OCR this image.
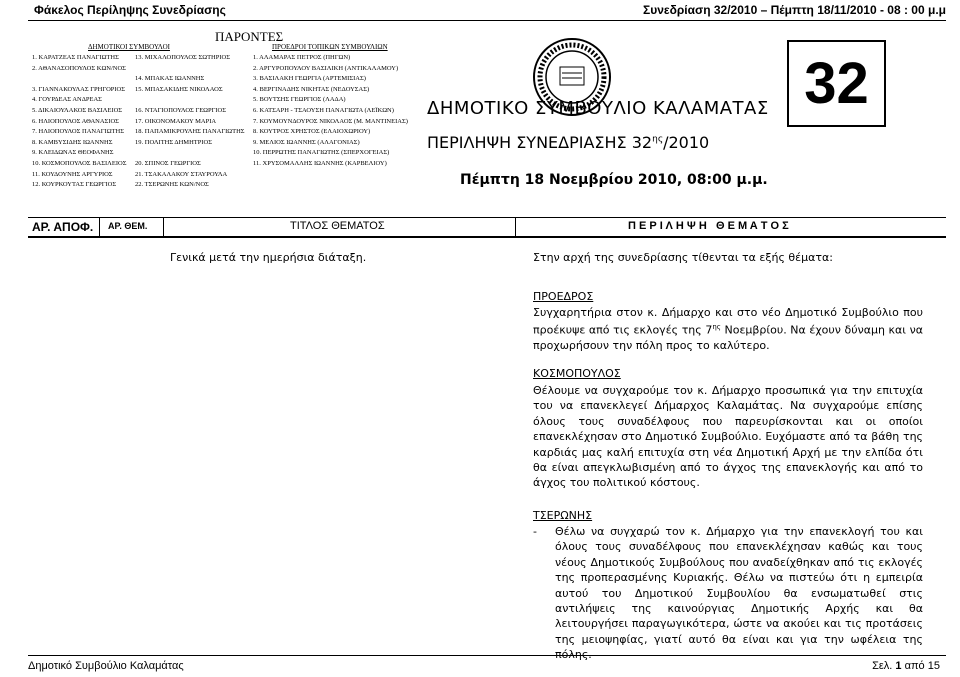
Φάκελος Περίληψης Συνεδρίασης	Συνεδρίαση 32/2010 – Πέμπτη 18/11/2010 - 08 : 00 μ.μ
ΠΑΡΟΝΤΕΣ
ΔΗΜΟΤΙΚΟΙ ΣΥΜΒΟΥΛΟΙ	ΠΡΟΕΔΡΟΙ ΤΟΠΙΚΩΝ ΣΥΜΒΟΥΛΙΩΝ
1. ΚΑΡΑΤΖΕΑΣ ΠΑΝΑΓΙΩΤΗΣ
2. ΑΘΑΝΑΣΟΠΟΥΛΟΣ ΚΩΝ/ΝΟΣ
3. ΓΙΑΝΝΑΚΟΥΛΑΣ ΓΡΗΓΟΡΙΟΣ
4. ΓΟΥΡΔΕΑΣ ΑΝΔΡΕΑΣ
5. ΔΙΚΑΙΟΥΛΑΚΟΣ ΒΑΣΙΛΕΙΟΣ
6. ΗΛΙΟΠΟΥΛΟΣ ΑΘΑΝΑΣΙΟΣ
7. ΗΛΙΟΠΟΥΛΟΣ ΠΑΝΑΓΙΩΤΗΣ
8. ΚΑΜΒΥΣΙΔΗΣ ΙΩΑΝΝΗΣ
9. ΚΛΕΙΔΩΝΑΣ ΘΕΟΦΑΝΗΣ
10. ΚΟΣΜΟΠΟΥΛΟΣ ΒΑΣΙΛΕΙΟΣ
11. ΚΟΥΔΟΥΝΗΣ ΑΡΓΥΡΙΟΣ
12. ΚΟΥΡΚΟΥΤΑΣ ΓΕΩΡΓΙΟΣ
13. ΜΙΧΑΛΟΠΟΥΛΟΣ ΣΩΤΗΡΙΟΣ
14. ΜΠΑΚΑΣ ΙΩΑΝΝΗΣ
15. ΜΠΑΣΑΚΙΔΗΣ ΝΙΚΟΛΑΟΣ
16. ΝΤΑΓΙΟΠΟΥΛΟΣ ΓΕΩΡΓΙΟΣ
17. ΟΙΚΟΝΟΜΑΚΟΥ ΜΑΡΙΑ
18. ΠΑΠΑΜΙΚΡΟΥΛΗΣ ΠΑΝΑΓΙΩΤΗΣ
19. ΠΟΛΙΤΗΣ ΔΗΜΗΤΡΙΟΣ
20. ΣΠΙΝΟΣ ΓΕΩΡΓΙΟΣ
21. ΤΣΑΚΑΛΑΚΟΥ ΣΤΑΥΡΟΥΛΑ
22. ΤΣΕΡΩΝΗΣ ΚΩΝ/ΝΟΣ
1. ΑΛΑΜΑΡΑΣ ΠΕΤΡΟΣ (ΠΗΓΩΝ)
2. ΑΡΓΥΡΟΠΟΥΛΟΥ ΒΑΣΙΛΙΚΗ (ΑΝΤΙΚΑΛΑΜΟΥ)
3. ΒΑΣΙΛΑΚΗ ΓΕΩΡΓΙΑ (ΑΡΤΕΜΙΣΙΑΣ)
4. ΒΕΡΓΙΝΑΔΗΣ ΝΙΚΗΤΑΣ (ΝΕΔΟΥΣΑΣ)
5. ΒΟΥΤΣΗΣ ΓΕΩΡΓΙΟΣ (ΛΑΔΑ)
6. ΚΑΤΣΑΡΗ - ΤΣΑΟΥΣΗ ΠΑΝΑΓΙΩΤΑ (ΛΕΪΚΩΝ)
7. ΚΟΥΜΟΥΝΔΟΥΡΟΣ ΝΙΚΟΛΑΟΣ (Μ. ΜΑΝΤΙΝΕΙΑΣ)
8. ΚΟΥΤΡΟΣ ΧΡΗΣΤΟΣ (ΕΛΑΙΟΧΩΡΙΟΥ)
9. ΜΕΛΙΟΣ ΙΩΑΝΝΗΣ (ΑΛΑΓΟΝΙΑΣ)
10. ΠΕΡΡΩΤΗΣ ΠΑΝΑΓΙΩΤΗΣ (ΣΠΕΡΧΟΓΕΙΑΣ)
11. ΧΡΥΣΟΜΑΛΛΗΣ ΙΩΑΝΝΗΣ (ΚΑΡΒΕΛΙΟΥ)
ΔΗΜΟΤΙΚΟ ΣΥΜΒΟΥΛΙΟ ΚΑΛΑΜΑΤΑΣ
ΠΕΡΙΛΗΨΗ ΣΥΝΕΔΡΙΑΣΗΣ $32^{\eta\varsigma}/2010$
Πέμπτη 18 Νοεμβρίου 2010, 08:00 μ.μ.
32
ΑΡ. ΑΠΟΦ. ΑΡ. ΘΕΜ.	ΤΙΤΛΟΣ ΘΕΜΑΤΟΣ	Π Ε Ρ Ι Λ Η Ψ Η   Θ Ε Μ Α Τ Ο Σ
Γενικά μετά την ημερήσια διάταξη.	Στην αρχή της συνεδρίασης τίθενται τα εξής θέματα:
ΠΡΟΕΔΡΟΣ
Συγχαρητήρια στον κ. Δήμαρχο και στο νέο Δημοτικό Συμβούλιο που προέκυψε από τις εκλογές της $7^{\eta\varsigma}$ Νοεμβρίου. Να έχουν δύναμη και να προχωρήσουν την πόλη προς το καλύτερο.
ΚΟΣΜΟΠΟΥΛΟΣ
Θέλουμε να συγχαρούμε τον κ. Δήμαρχο προσωπικά για την επιτυχία του να επανεκλεγεί Δήμαρχος Καλαμάτας. Να συγχαρούμε επίσης όλους τους συναδέλφους που παρευρίσκονται και οι οποίοι επανεκλέχησαν στο Δημοτικό Συμβούλιο. Ευχόμαστε από τα βάθη της καρδιάς μας καλή επιτυχία στη νέα Δημοτική Αρχή με την ελπίδα ότι θα είναι απεγκλωβισμένη από το άγχος της επανεκλογής και από το άγχος του πολιτικού κόστους.
ΤΣΕΡΩΝΗΣ
- Θέλω να συγχαρώ τον κ. Δήμαρχο για την επανεκλογή του και όλους τους συναδέλφους που επανεκλέχησαν καθώς και τους νέους Δημοτικούς Συμβούλους που αναδείχθηκαν από τις εκλογές της προπερασμένης Κυριακής. Θέλω να πιστεύω ότι η εμπειρία αυτού του Δημοτικού Συμβουλίου θα ενσωματωθεί στις αντιλήψεις της καινούργιας Δημοτικής Αρχής και θα λειτουργήσει παραγωγικότερα, ώστε να ακούει και τις προτάσεις της μειοψηφίας, γιατί αυτό θα είναι και για την ωφέλεια της πόλης.
Δημοτικό Συμβούλιο Καλαμάτας	Σελ. 1 από 15
